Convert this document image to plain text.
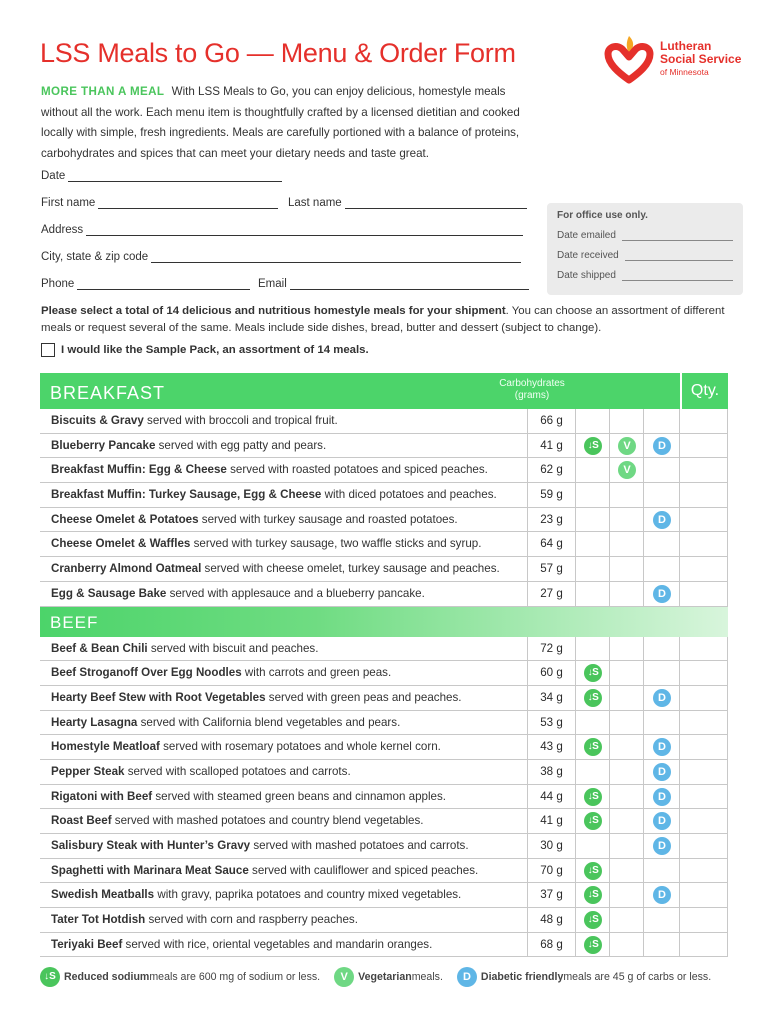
LSS Meals to Go — Menu & Order Form	Lutheran
Social Service
of Minnesota
MORE THAN A MEAL With LSS Meals to Go, you can enjoy delicious, homestyle meals without all the work. Each menu item is thoughtfully crafted by a licensed dietitian and cooked locally with simple, fresh ingredients. Meals are carefully portioned with a balance of proteins, carbohydrates and spices that can meet your dietary needs and taste great.
Date
First name	Last name
Address
City, state & zip code
Phone	Email
For office use only.
Date emailed
Date received
Date shipped
Please select a total of 14 delicious and nutritious homestyle meals for your shipment. You can choose an assortment of different meals or request several of the same. Meals include side dishes, bread, butter and dessert (subject to change).
I would like the Sample Pack, an assortment of 14 meals.
BREAKFAST	Carbohydrates
(grams)	Qty.
Biscuits & Gravy served with broccoli and tropical fruit.	66 g
Blueberry Pancake served with egg patty and pears.	41 g	↓S	V	D
Breakfast Muffin: Egg & Cheese served with roasted potatoes and spiced peaches.	62 g	V
Breakfast Muffin: Turkey Sausage, Egg & Cheese with diced potatoes and peaches.	59 g
Cheese Omelet & Potatoes served with turkey sausage and roasted potatoes.	23 g	D
Cheese Omelet & Waffles served with turkey sausage, two waffle sticks and syrup.	64 g
Cranberry Almond Oatmeal served with cheese omelet, turkey sausage and peaches.	57 g
Egg & Sausage Bake served with applesauce and a blueberry pancake.	27 g	D
BEEF
Beef & Bean Chili served with biscuit and peaches.	72 g
Beef Stroganoff Over Egg Noodles with carrots and green peas.	60 g	↓S
Hearty Beef Stew with Root Vegetables served with green peas and peaches.	34 g	↓S	D
Hearty Lasagna served with California blend vegetables and pears.	53 g
Homestyle Meatloaf served with rosemary potatoes and whole kernel corn.	43 g	↓S	D
Pepper Steak served with scalloped potatoes and carrots.	38 g	D
Rigatoni with Beef served with steamed green beans and cinnamon apples.	44 g	↓S	D
Roast Beef served with mashed potatoes and country blend vegetables.	41 g	↓S	D
Salisbury Steak with Hunter’s Gravy served with mashed potatoes and carrots.	30 g	D
Spaghetti with Marinara Meat Sauce served with cauliflower and spiced peaches.	70 g	↓S
Swedish Meatballs with gravy, paprika potatoes and country mixed vegetables.	37 g	↓S	D
Tater Tot Hotdish served with corn and raspberry peaches.	48 g	↓S
Teriyaki Beef served with rice, oriental vegetables and mandarin oranges.	68 g	↓S
↓S Reduced sodium meals are 600 mg of sodium or less.	V Vegetarian meals.	D Diabetic friendly meals are 45 g of carbs or less.
